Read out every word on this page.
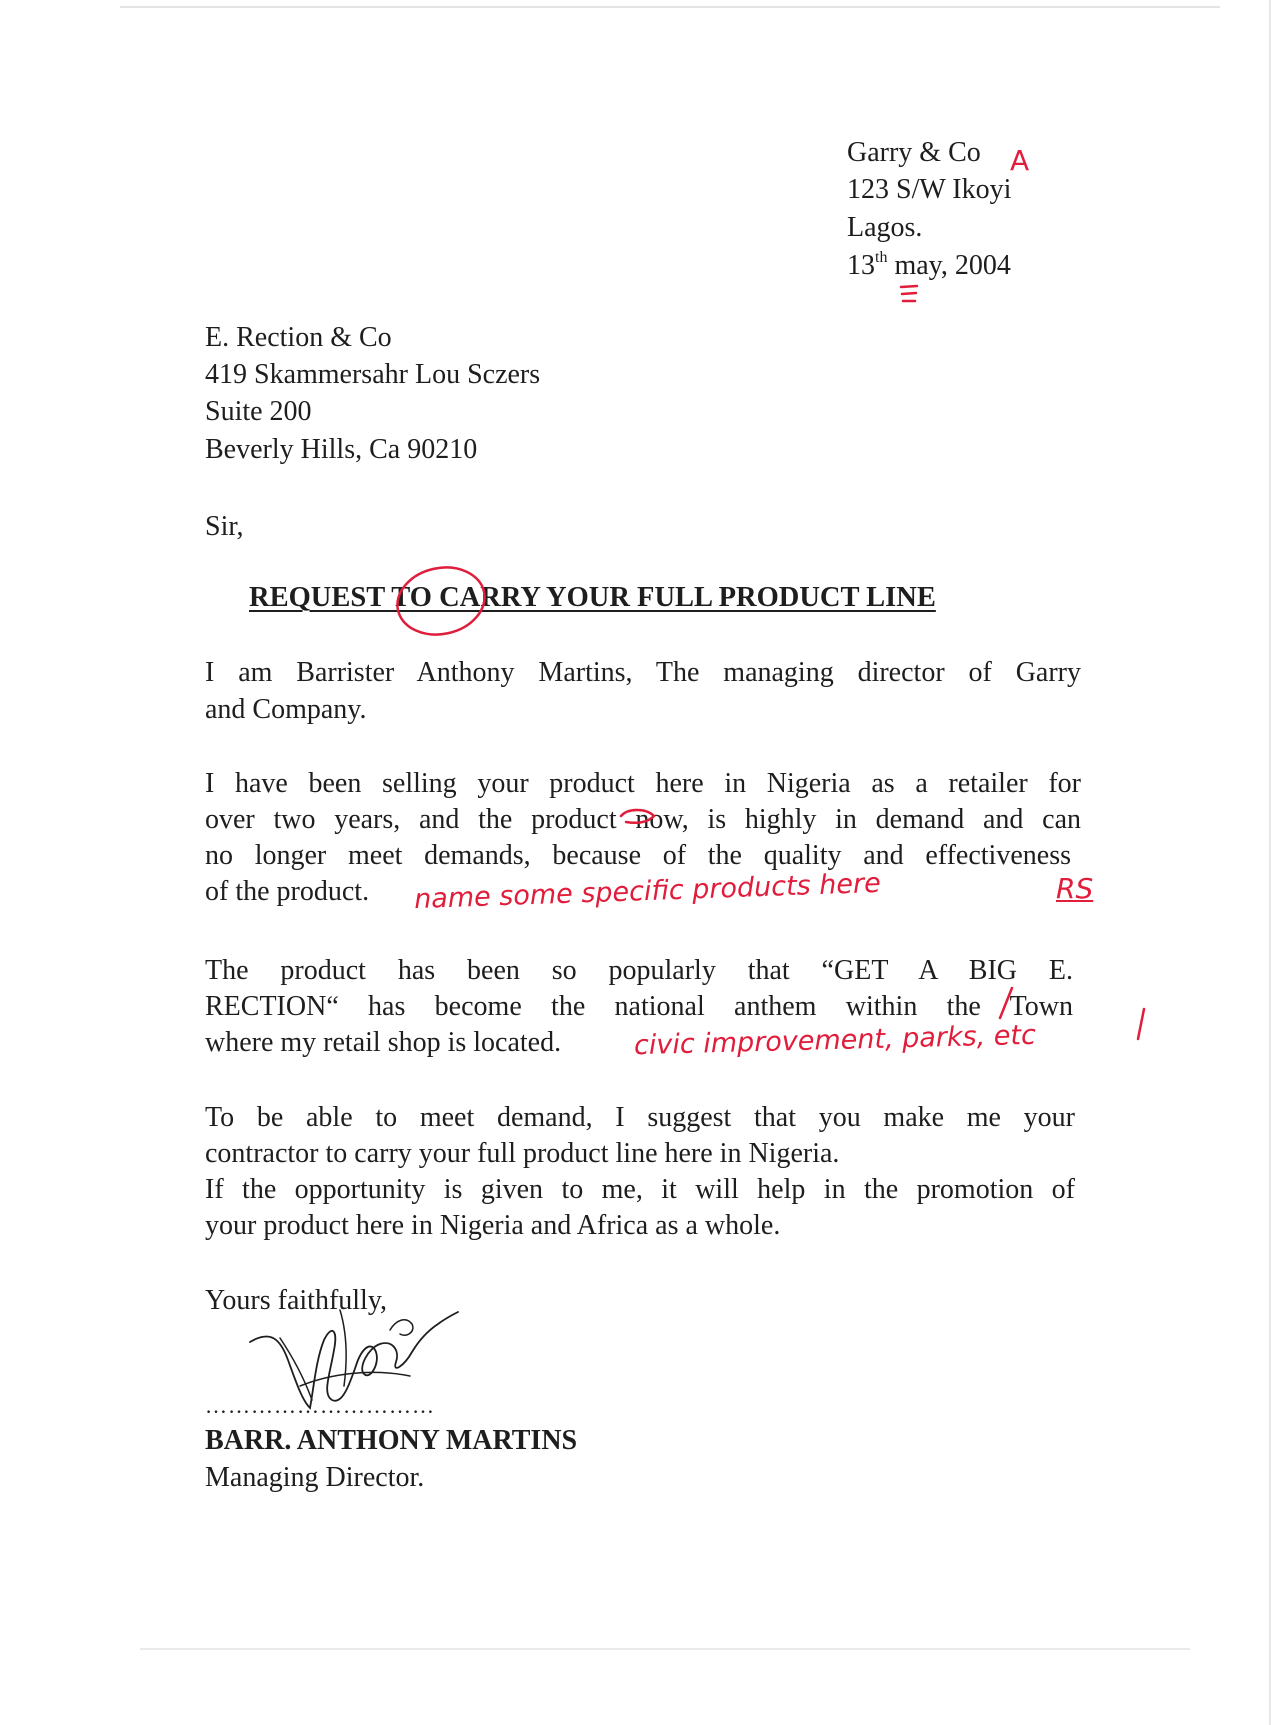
Garry & Co
123 S/W Ikoyi
Lagos.
13th may, 2004
A
E. Rection & Co
419 Skammersahr Lou Sczers
Suite 200
Beverly Hills, Ca 90210
Sir,
REQUEST TO CARRY YOUR FULL PRODUCT LINE
I am Barrister Anthony Martins, The managing director of Garry
and Company.
I have been selling your product here in Nigeria as a retailer for
over two years, and the product now, is highly in demand and can
no longer meet demands, because of the quality and effectiveness
of the product. name some specific products here	RS
The product has been so popularly that “GET A BIG E.
RECTION“ has become the national anthem within the Town
where my retail shop is located.	civic improvement, parks, etc
To be able to meet demand, I suggest that you make me your
contractor to carry your full product line here in Nigeria.
If the opportunity is given to me, it will help in the promotion of
your product here in Nigeria and Africa as a whole.
Yours faithfully,
…………………………
BARR. ANTHONY MARTINS
Managing Director.
